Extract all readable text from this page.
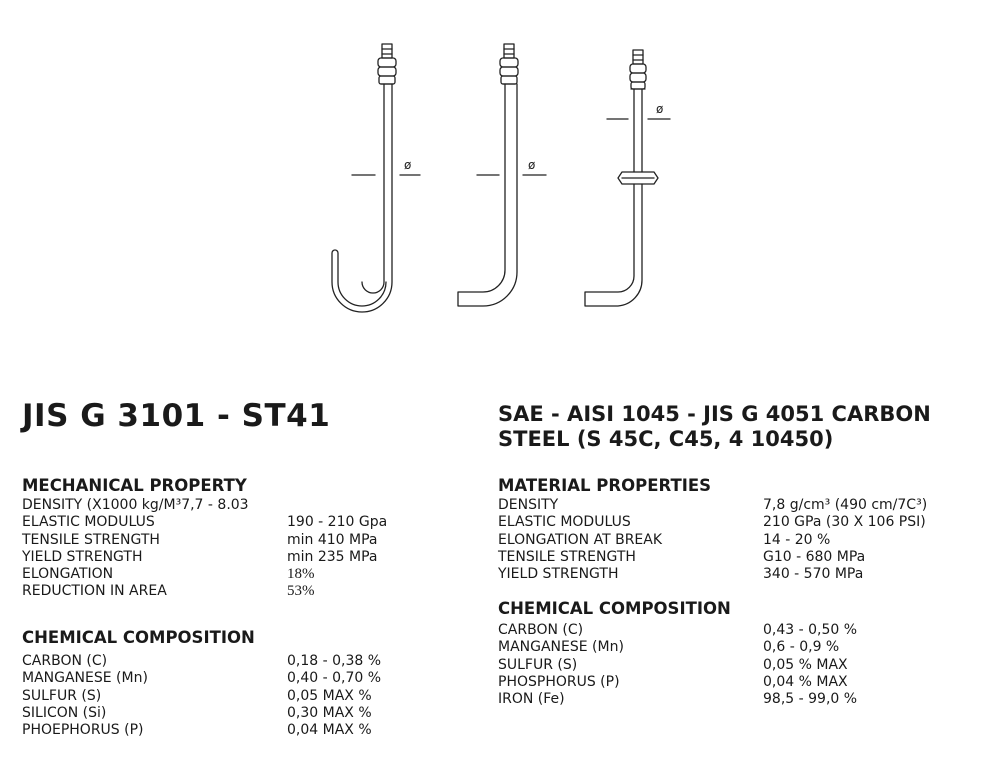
ø	ø
ø
JIS G 3101 - ST41
MECHANICAL PROPERTY
DENSITY (X1000 kg/M³7,7 - 8.03
ELASTIC MODULUS	190 - 210 Gpa
TENSILE STRENGTH	min 410 MPa
YIELD STRENGTH	min 235 MPa
ELONGATION	18%
REDUCTION IN AREA	53%
CHEMICAL COMPOSITION
CARBON (C)	0,18 - 0,38 %
MANGANESE (Mn)	0,40 - 0,70 %
SULFUR (S)	0,05 MAX %
SILICON (Si)	0,30 MAX %
PHOEPHORUS (P)	0,04 MAX %
SAE - AISI 1045 - JIS G 4051 CARBON STEEL (S 45C, C45, 4 10450)
MATERIAL PROPERTIES
DENSITY	7,8 g/cm³ (490 cm/7C³)
ELASTIC MODULUS	210 GPa (30 X 106 PSI)
ELONGATION AT BREAK	14 - 20 %
TENSILE STRENGTH	G10 - 680 MPa
YIELD STRENGTH	340 - 570 MPa
CHEMICAL COMPOSITION
CARBON (C)	0,43 - 0,50 %
MANGANESE (Mn)	0,6 - 0,9 %
SULFUR (S)	0,05 % MAX
PHOSPHORUS (P)	0,04 % MAX
IRON (Fe)	98,5 - 99,0 %
